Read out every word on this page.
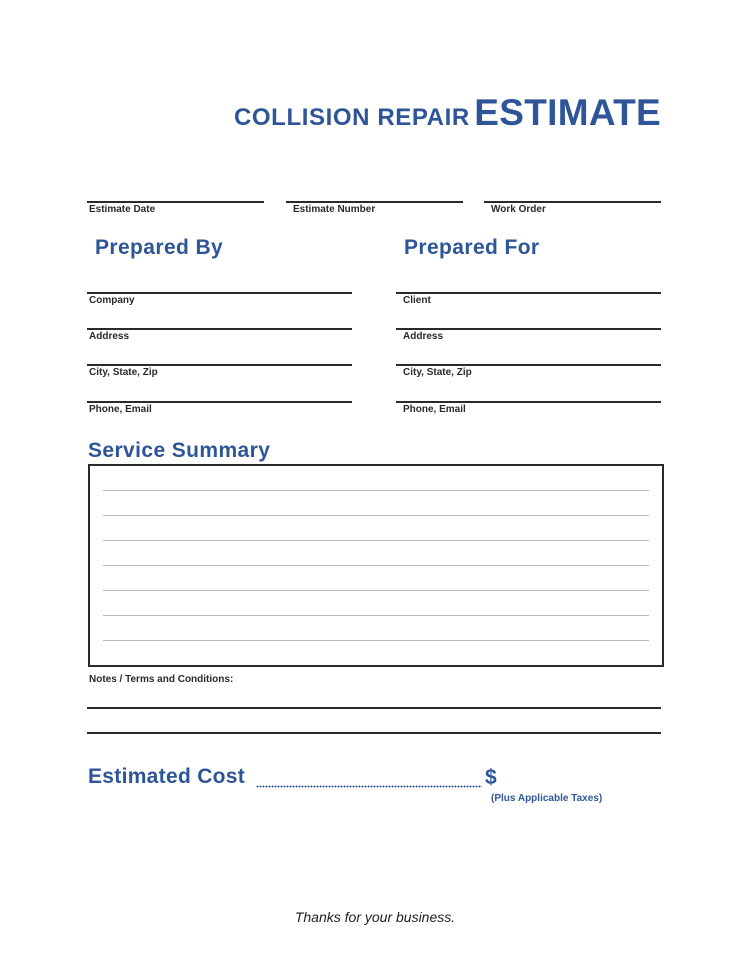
COLLISION REPAIR ESTIMATE
Estimate Date	Estimate Number	Work Order
Prepared By
Company
Address
City, State, Zip
Phone, Email
Prepared For
Client
Address
City, State, Zip
Phone, Email
Service Summary
Notes / Terms and Conditions:
Estimated Cost	$
(Plus Applicable Taxes)
Thanks for your business.
